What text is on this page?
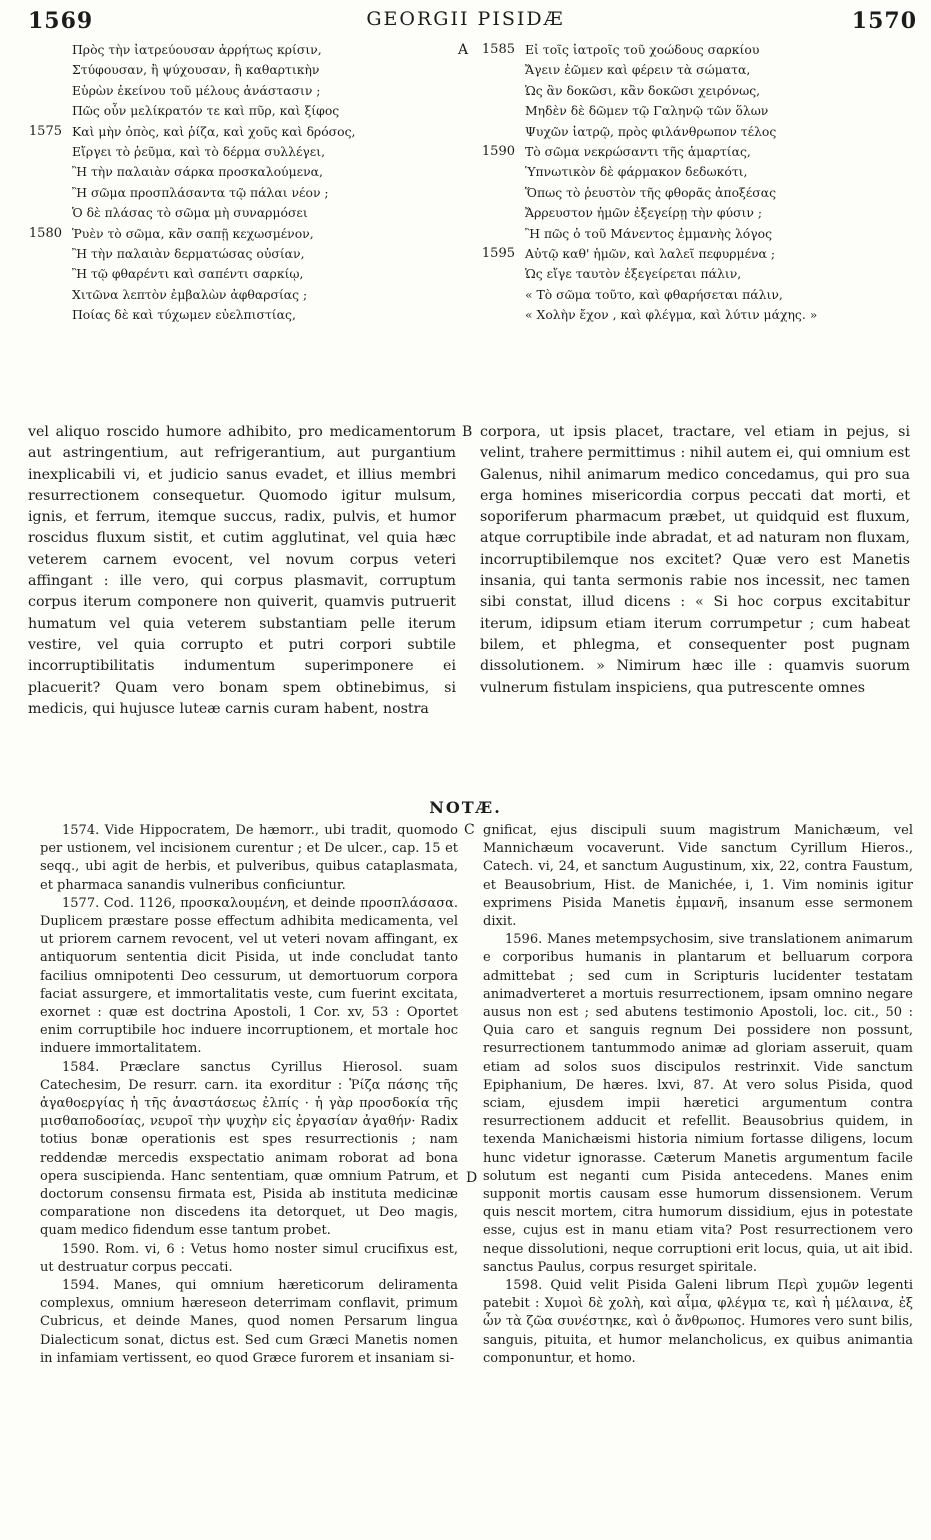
1569	GEORGII PISIDÆ	1570
Πρὸς τὴν ἰατρεύουσαν ἀρρήτως κρίσιν,
Στύφουσαν, ἢ ψύχουσαν, ἢ καθαρτικὴν
Εὑρὼν ἐκείνου τοῦ μέλους ἀνάστασιν ;
Πῶς οὖν μελίκρατόν τε καὶ πῦρ, καὶ ξίφος
1575 Καὶ μὴν ὀπὸς, καὶ ῥίζα, καὶ χοῦς καὶ δρόσος,
Εἴργει τὸ ῥεῦμα, καὶ τὸ δέρμα συλλέγει,
Ἢ τὴν παλαιὰν σάρκα προσκαλούμενα,
Ἢ σῶμα προσπλάσαντα τῷ πάλαι νέον ;
Ὁ δὲ πλάσας τὸ σῶμα μὴ συναρμόσει
1580 Ῥυὲν τὸ σῶμα, κἂν σαπῇ κεχωσμένον,
Ἢ τὴν παλαιὰν δερματώσας οὐσίαν,
Ἢ τῷ φθαρέντι καὶ σαπέντι σαρκίῳ,
Χιτῶνα λεπτὸν ἐμβαλὼν ἀφθαρσίας ;
Ποίας δὲ καὶ τύχωμεν εὐελπιστίας,
A	1585 Εἰ τοῖς ἰατροῖς τοῦ χοώδους σαρκίου
Ἄγειν ἐῶμεν καὶ φέρειν τὰ σώματα,
Ὡς ἂν δοκῶσι, κἂν δοκῶσι χειρόνως,
Μηδὲν δὲ δῶμεν τῷ Γαληνῷ τῶν ὅλων
Ψυχῶν ἰατρῷ, πρὸς φιλάνθρωπον τέλος
1590 Τὸ σῶμα νεκρώσαντι τῆς ἁμαρτίας,
Ὑπνωτικὸν δὲ φάρμακον δεδωκότι,
Ὅπως τὸ ῥευστὸν τῆς φθορᾶς ἀποξέσας
Ἄρρευστον ἡμῶν ἐξεγείρῃ τὴν φύσιν ;
Ἢ πῶς ὁ τοῦ Μάνεντος ἐμμανὴς λόγος
1595 Αὐτῷ καθ' ἡμῶν, καὶ λαλεῖ πεφυρμένα ;
Ὡς εἴγε ταυτὸν ἐξεγείρεται πάλιν,
« Τὸ σῶμα τοῦτο, καὶ φθαρήσεται πάλιν,
« Χολὴν ἔχον , καὶ φλέγμα, καὶ λύτιν μάχης. »
vel aliquo roscido humore adhibito, pro medicamentorum aut astringentium, aut refrigerantium, aut purgantium inexplicabili vi, et judicio sanus evadet, et illius membri resurrectionem consequetur. Quomodo igitur mulsum, ignis, et ferrum, itemque succus, radix, pulvis, et humor roscidus fluxum sistit, et cutim agglutinat, vel quia hæc veterem carnem evocent, vel novum corpus veteri affingant : ille vero, qui corpus plasmavit, corruptum corpus iterum componere non quiverit, quamvis putruerit humatum vel quia veterem substantiam pelle iterum vestire, vel quia corrupto et putri corpori subtile incorruptibilitatis indumentum superimponere ei placuerit? Quam vero bonam spem obtinebimus, si medicis, qui hujusce luteæ carnis curam habent, nostra
B corpora, ut ipsis placet, tractare, vel etiam in pejus, si velint, trahere permittimus : nihil autem ei, qui omnium est Galenus, nihil animarum medico concedamus, qui pro sua erga homines misericordia corpus peccati dat morti, et soporiferum pharmacum præbet, ut quidquid est fluxum, atque corruptibile inde abradat, et ad naturam non fluxam, incorruptibilemque nos excitet? Quæ vero est Manetis insania, qui tanta sermonis rabie nos incessit, nec tamen sibi constat, illud dicens : « Si hoc corpus excitabitur iterum, idipsum etiam iterum corrumpetur ; cum habeat bilem, et phlegma, et consequenter post pugnam dissolutionem. » Nimirum hæc ille : quamvis suorum vulnerum fistulam inspiciens, qua putrescente omnes
NOTÆ.
1574. Vide Hippocratem, De hæmorr., ubi tradit, quomodo per ustionem, vel incisionem curentur ; et De ulcer., cap. 15 et seqq., ubi agit de herbis, et pulveribus, quibus cataplasmata, et pharmaca sanandis vulneribus conficiuntur.
1577. Cod. 1126, προσκαλουμένη, et deinde προσπλάσασα. Duplicem præstare posse effectum adhibita medicamenta, vel ut priorem carnem revocent, vel ut veteri novam affingant, ex antiquorum sententia dicit Pisida, ut inde concludat tanto facilius omnipotenti Deo cessurum, ut demortuorum corpora faciat assurgere, et immortalitatis veste, cum fuerint excitata, exornet : quæ est doctrina Apostoli, 1 Cor. xv, 53 : Oportet enim corruptibile hoc induere incorruptionem, et mortale hoc induere immortalitatem.
1584. Præclare sanctus Cyrillus Hierosol. suam Catechesim, De resurr. carn. ita exorditur : Ῥίζα πάσης τῆς ἀγαθοεργίας ἡ τῆς ἀναστάσεως ἐλπίς · ἡ γὰρ προσδοκία τῆς μισθαποδοσίας, νευροῖ τὴν ψυχὴν εἰς ἐργασίαν ἀγαθήν· Radix totius bonæ operationis est spes resurrectionis ; nam reddendæ mercedis exspectatio animam roborat ad bona opera suscipienda. Hanc sententiam, quæ omnium Patrum, et doctorum consensu firmata est, Pisida ab instituta medicinæ comparatione non discedens ita detorquet, ut Deo magis, quam medico fidendum esse tantum probet.
1590. Rom. vi, 6 : Vetus homo noster simul crucifixus est, ut destruatur corpus peccati.
1594. Manes, qui omnium hæreticorum deliramenta complexus, omnium hæreseon deterrimam conflavit, primum Cubricus, et deinde Manes, quod nomen Persarum lingua Dialecticum sonat, dictus est. Sed cum Græci Manetis nomen in infamiam vertissent, eo quod Græce furorem et insaniam si-
C
D
gnificat, ejus discipuli suum magistrum Manichæum, vel Mannichæum vocaverunt. Vide sanctum Cyrillum Hieros., Catech. vi, 24, et sanctum Augustinum, xix, 22, contra Faustum, et Beausobrium, Hist. de Manichée, i, 1. Vim nominis igitur exprimens Pisida Manetis ἐμμανῆ, insanum esse sermonem dixit.
1596. Manes metempsychosim, sive translationem animarum e corporibus humanis in plantarum et belluarum corpora admittebat ; sed cum in Scripturis lucidenter testatam animadverteret a mortuis resurrectionem, ipsam omnino negare ausus non est ; sed abutens testimonio Apostoli, loc. cit., 50 : Quia caro et sanguis regnum Dei possidere non possunt, resurrectionem tantummodo animæ ad gloriam asseruit, quam etiam ad solos suos discipulos restrinxit. Vide sanctum Epiphanium, De hæres. lxvi, 87. At vero solus Pisida, quod sciam, ejusdem impii hæretici argumentum contra resurrectionem adducit et refellit. Beausobrius quidem, in texenda Manichæismi historia nimium fortasse diligens, locum hunc videtur ignorasse. Cæterum Manetis argumentum facile solutum est neganti cum Pisida antecedens. Manes enim supponit mortis causam esse humorum dissensionem. Verum quis nescit mortem, citra humorum dissidium, ejus in potestate esse, cujus est in manu etiam vita? Post resurrectionem vero neque dissolutioni, neque corruptioni erit locus, quia, ut ait ibid. sanctus Paulus, corpus resurget spiritale.
1598. Quid velit Pisida Galeni librum Περὶ χυμῶν legenti patebit : Χυμοὶ δὲ χολὴ, καὶ αἷμα, φλέγμα τε, καὶ ἡ μέλαινα, ἐξ ὧν τὰ ζῶα συνέστηκε, καὶ ὁ ἄνθρωπος. Humores vero sunt bilis, sanguis, pituita, et humor melancholicus, ex quibus animantia componuntur, et homo.
